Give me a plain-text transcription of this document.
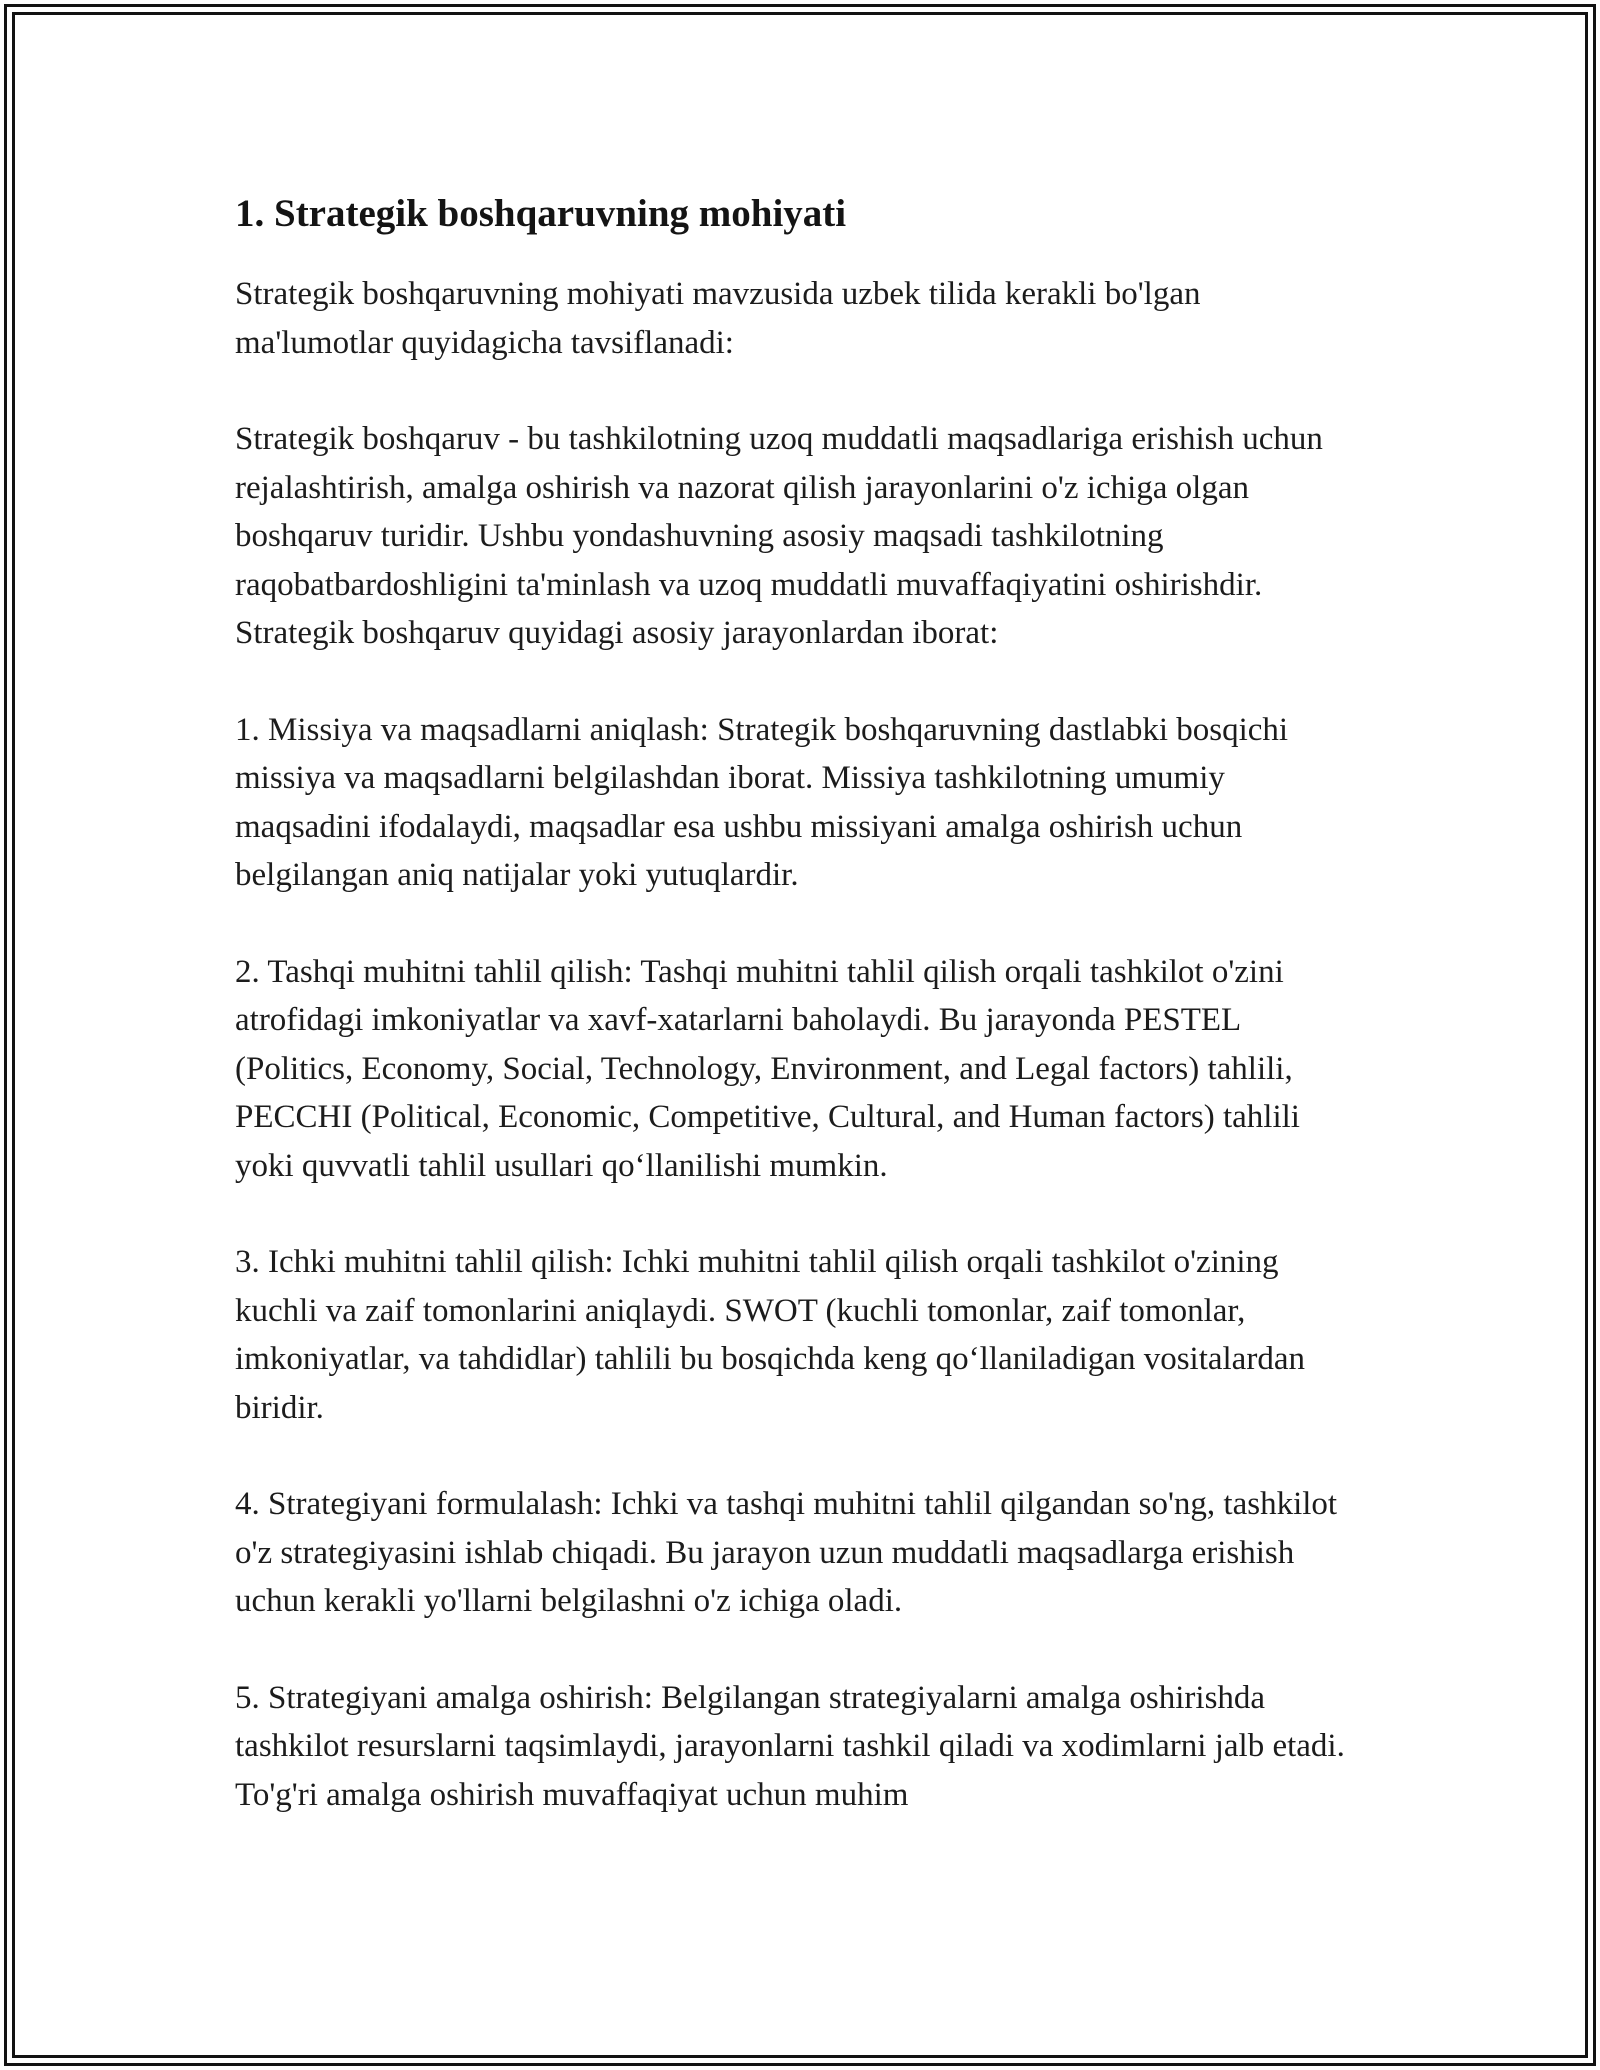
1. Strategik boshqaruvning mohiyati

Strategik boshqaruvning mohiyati mavzusida uzbek tilida kerakli bo'lgan ma'lumotlar quyidagicha tavsiflanadi:

Strategik boshqaruv - bu tashkilotning uzoq muddatli maqsadlariga erishish uchun rejalashtirish, amalga oshirish va nazorat qilish jarayonlarini o'z ichiga olgan boshqaruv turidir. Ushbu yondashuvning asosiy maqsadi tashkilotning raqobatbardoshligini ta'minlash va uzoq muddatli muvaffaqiyatini oshirishdir. Strategik boshqaruv quyidagi asosiy jarayonlardan iborat:

1. Missiya va maqsadlarni aniqlash: Strategik boshqaruvning dastlabki bosqichi missiya va maqsadlarni belgilashdan iborat. Missiya tashkilotning umumiy maqsadini ifodalaydi, maqsadlar esa ushbu missiyani amalga oshirish uchun belgilangan aniq natijalar yoki yutuqlardir.

2. Tashqi muhitni tahlil qilish: Tashqi muhitni tahlil qilish orqali tashkilot o'zini atrofidagi imkoniyatlar va xavf-xatarlarni baholaydi. Bu jarayonda PESTEL (Politics, Economy, Social, Technology, Environment, and Legal factors) tahlili, PECCHI (Political, Economic, Competitive, Cultural, and Human factors) tahlili yoki quvvatli tahlil usullari qo‘llanilishi mumkin.

3. Ichki muhitni tahlil qilish: Ichki muhitni tahlil qilish orqali tashkilot o'zining kuchli va zaif tomonlarini aniqlaydi. SWOT (kuchli tomonlar, zaif tomonlar, imkoniyatlar, va tahdidlar) tahlili bu bosqichda keng qo‘llaniladigan vositalardan biridir.

4. Strategiyani formulalash: Ichki va tashqi muhitni tahlil qilgandan so'ng, tashkilot o'z strategiyasini ishlab chiqadi. Bu jarayon uzun muddatli maqsadlarga erishish uchun kerakli yo'llarni belgilashni o'z ichiga oladi.

5. Strategiyani amalga oshirish: Belgilangan strategiyalarni amalga oshirishda tashkilot resurslarni taqsimlaydi, jarayonlarni tashkil qiladi va xodimlarni jalb etadi. To'g'ri amalga oshirish muvaffaqiyat uchun muhim
